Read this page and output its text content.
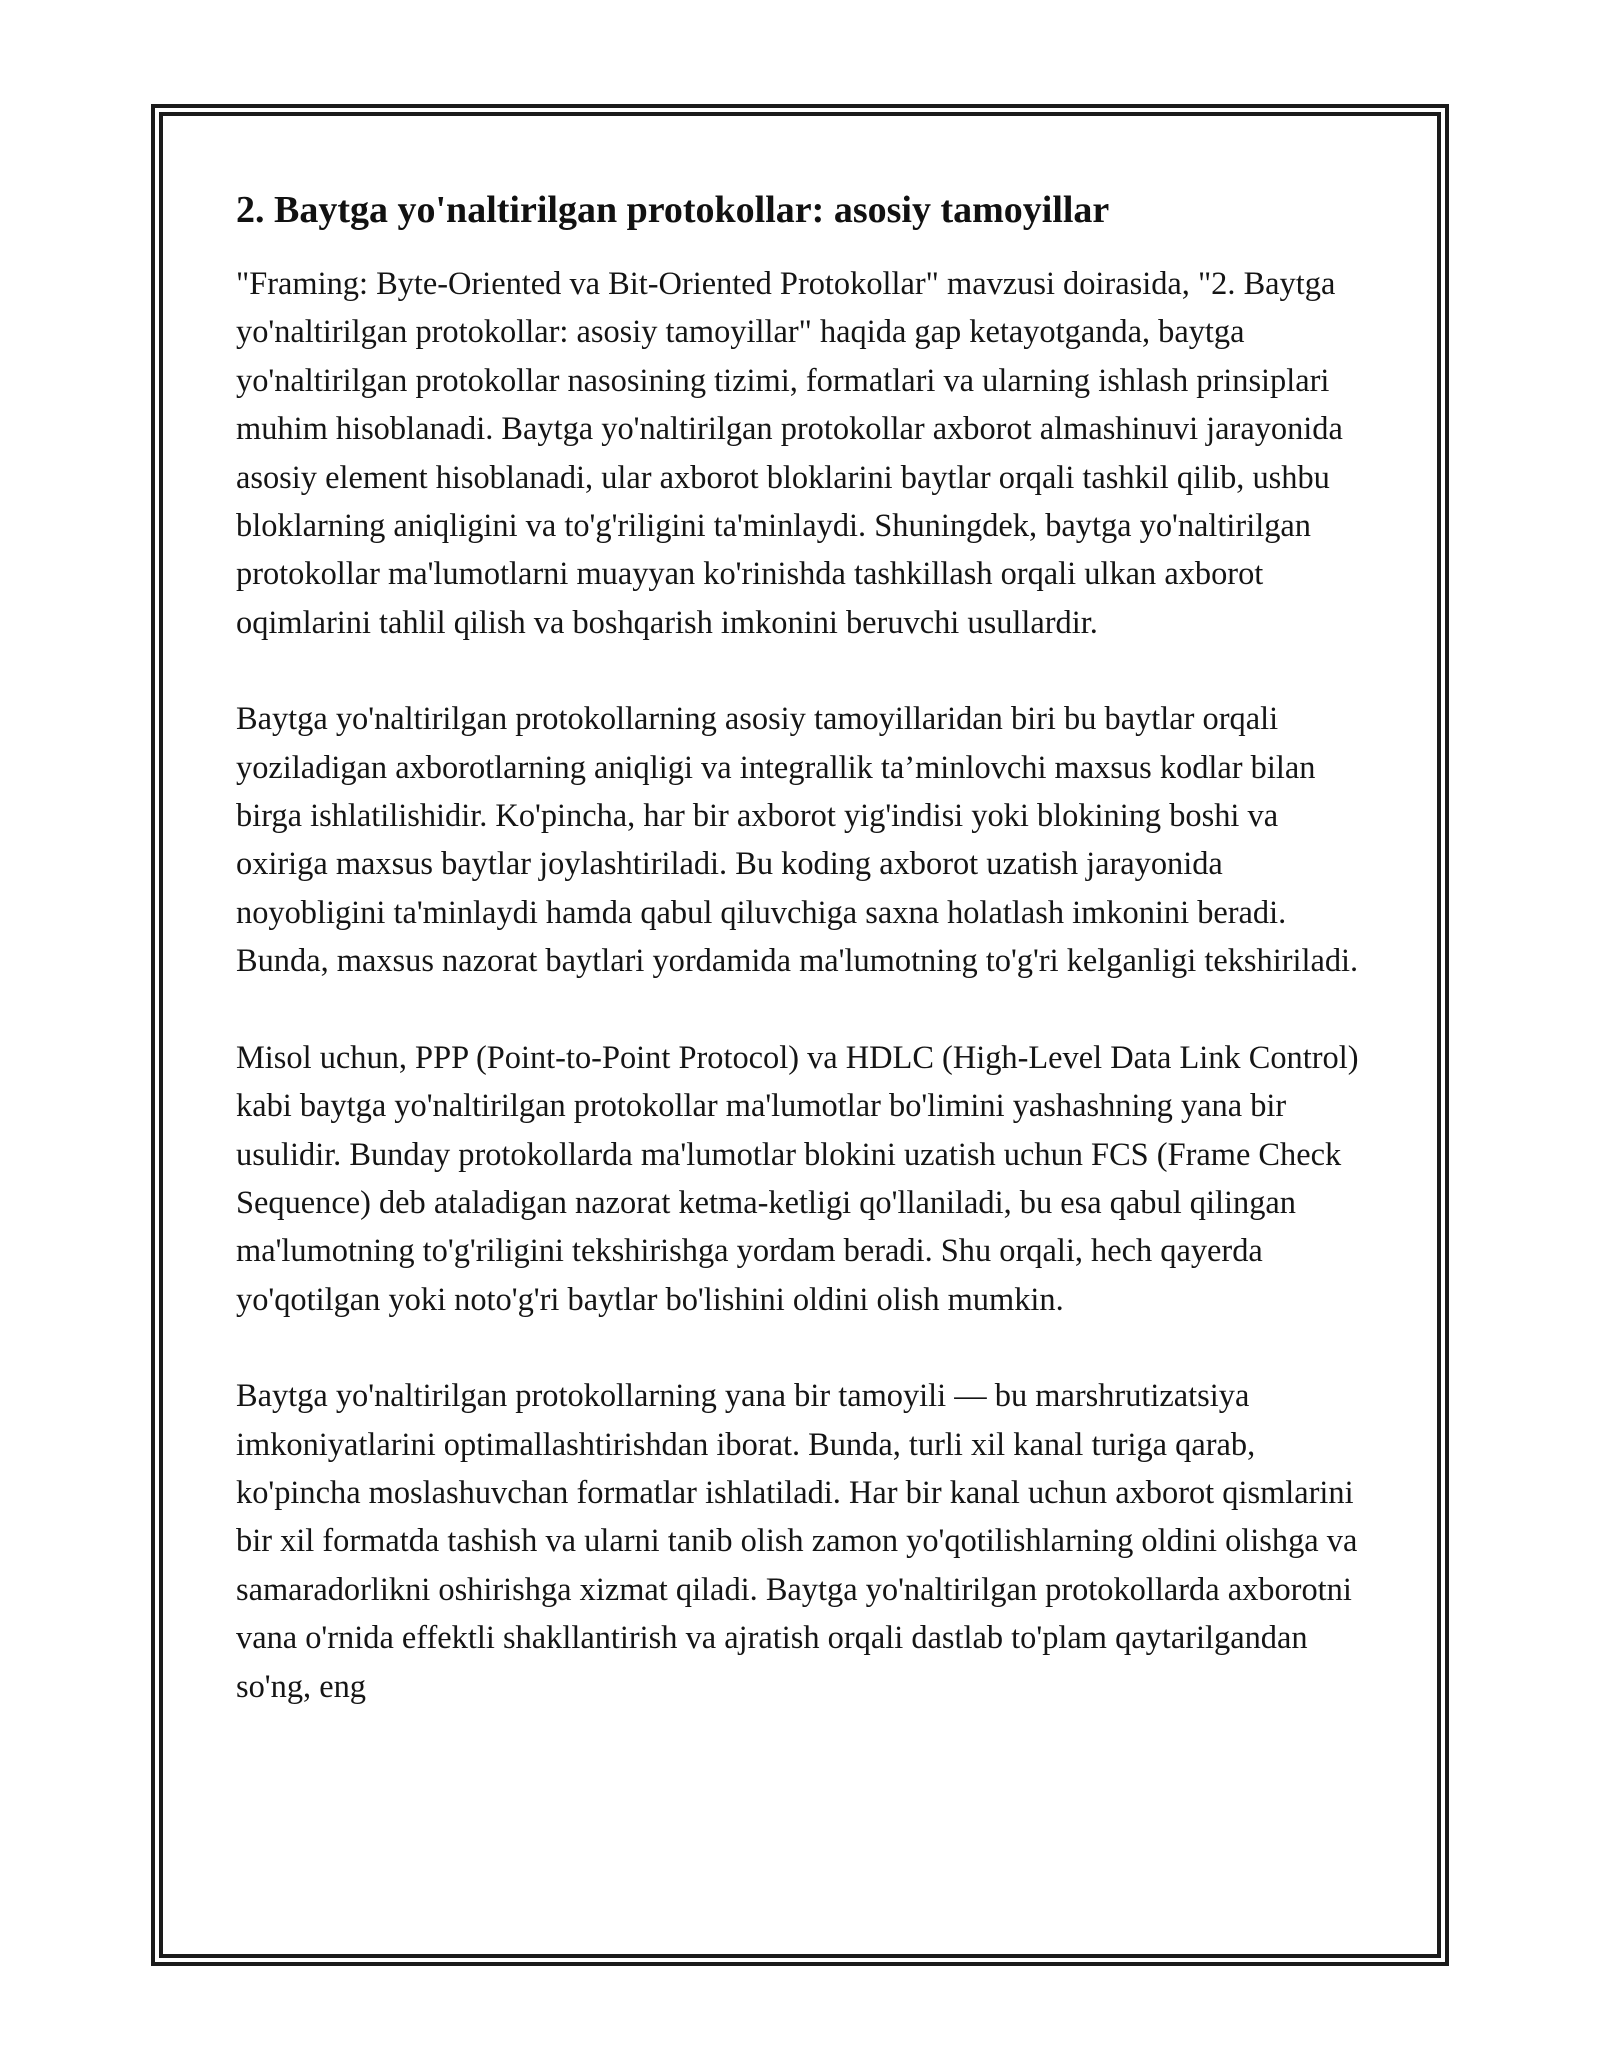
2. Baytga yo'naltirilgan protokollar: asosiy tamoyillar

"Framing: Byte-Oriented va Bit-Oriented Protokollar" mavzusi doirasida, "2. Baytga yo'naltirilgan protokollar: asosiy tamoyillar" haqida gap ketayotganda, baytga yo'naltirilgan protokollar nasosining tizimi, formatlari va ularning ishlash prinsiplari muhim hisoblanadi. Baytga yo'naltirilgan protokollar axborot almashinuvi jarayonida asosiy element hisoblanadi, ular axborot bloklarini baytlar orqali tashkil qilib, ushbu bloklarning aniqligini va to'g'riligini ta'minlaydi. Shuningdek, baytga yo'naltirilgan protokollar ma'lumotlarni muayyan ko'rinishda tashkillash orqali ulkan axborot oqimlarini tahlil qilish va boshqarish imkonini beruvchi usullardir.

Baytga yo'naltirilgan protokollarning asosiy tamoyillaridan biri bu baytlar orqali yoziladigan axborotlarning aniqligi va integrallik ta’minlovchi maxsus kodlar bilan birga ishlatilishidir. Ko'pincha, har bir axborot yig'indisi yoki blokining boshi va oxiriga maxsus baytlar joylashtiriladi. Bu koding axborot uzatish jarayonida noyobligini ta'minlaydi hamda qabul qiluvchiga saxna holatlash imkonini beradi. Bunda, maxsus nazorat baytlari yordamida ma'lumotning to'g'ri kelganligi tekshiriladi.

Misol uchun, PPP (Point-to-Point Protocol) va HDLC (High-Level Data Link Control) kabi baytga yo'naltirilgan protokollar ma'lumotlar bo'limini yashashning yana bir usulidir. Bunday protokollarda ma'lumotlar blokini uzatish uchun FCS (Frame Check Sequence) deb ataladigan nazorat ketma-ketligi qo'llaniladi, bu esa qabul qilingan ma'lumotning to'g'riligini tekshirishga yordam beradi. Shu orqali, hech qayerda yo'qotilgan yoki noto'g'ri baytlar bo'lishini oldini olish mumkin.

Baytga yo'naltirilgan protokollarning yana bir tamoyili — bu marshrutizatsiya imkoniyatlarini optimallashtirishdan iborat. Bunda, turli xil kanal turiga qarab, ko'pincha moslashuvchan formatlar ishlatiladi. Har bir kanal uchun axborot qismlarini bir xil formatda tashish va ularni tanib olish zamon yo'qotilishlarning oldini olishga va samaradorlikni oshirishga xizmat qiladi. Baytga yo'naltirilgan protokollarda axborotni vana o'rnida effektli shakllantirish va ajratish orqali dastlab to'plam qaytarilgandan so'ng, eng
